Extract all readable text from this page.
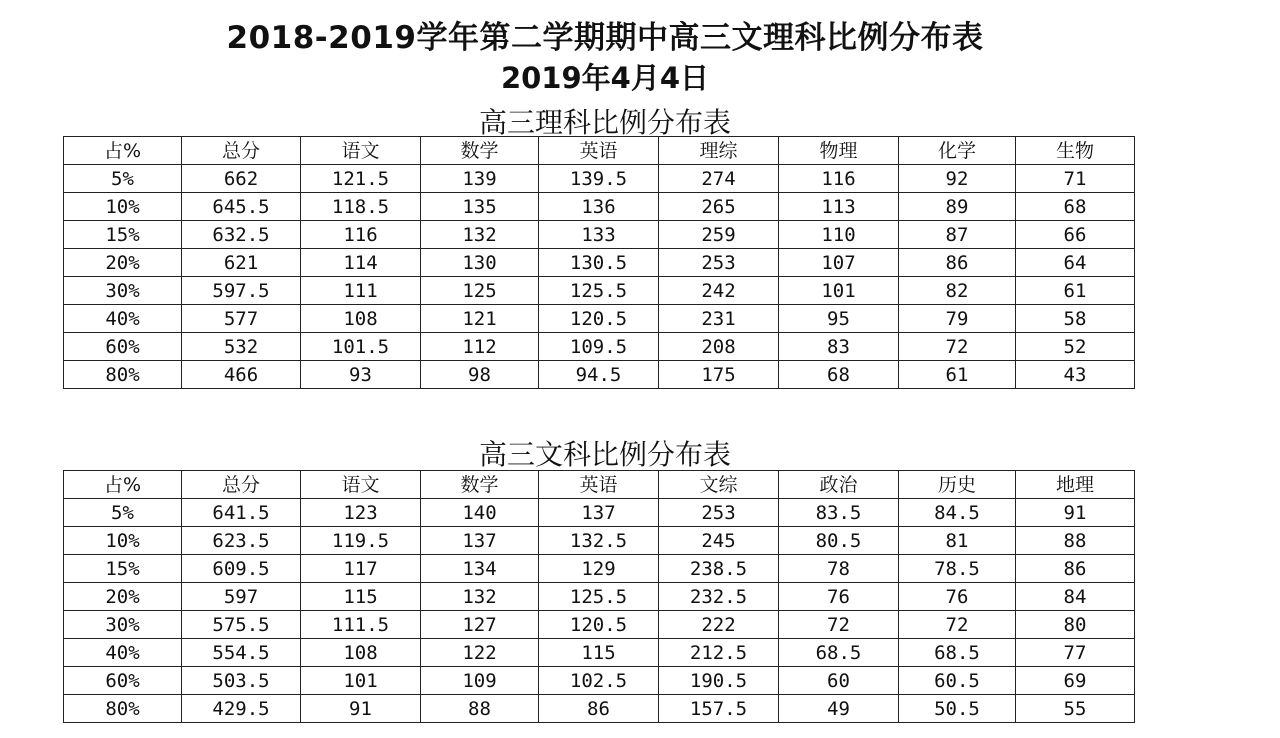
2018-2019学年第二学期期中高三文理科比例分布表
2019年4月4日
高三理科比例分布表
占%	总分	语文	数学	英语	理综	物理	化学	生物
5%	662	121.5	139	139.5	274	116	92	71
10%	645.5	118.5	135	136	265	113	89	68
15%	632.5	116	132	133	259	110	87	66
20%	621	114	130	130.5	253	107	86	64
30%	597.5	111	125	125.5	242	101	82	61
40%	577	108	121	120.5	231	95	79	58
60%	532	101.5	112	109.5	208	83	72	52
80%	466	93	98	94.5	175	68	61	43
高三文科比例分布表
占%	总分	语文	数学	英语	文综	政治	历史	地理
5%	641.5	123	140	137	253	83.5	84.5	91
10%	623.5	119.5	137	132.5	245	80.5	81	88
15%	609.5	117	134	129	238.5	78	78.5	86
20%	597	115	132	125.5	232.5	76	76	84
30%	575.5	111.5	127	120.5	222	72	72	80
40%	554.5	108	122	115	212.5	68.5	68.5	77
60%	503.5	101	109	102.5	190.5	60	60.5	69
80%	429.5	91	88	86	157.5	49	50.5	55
